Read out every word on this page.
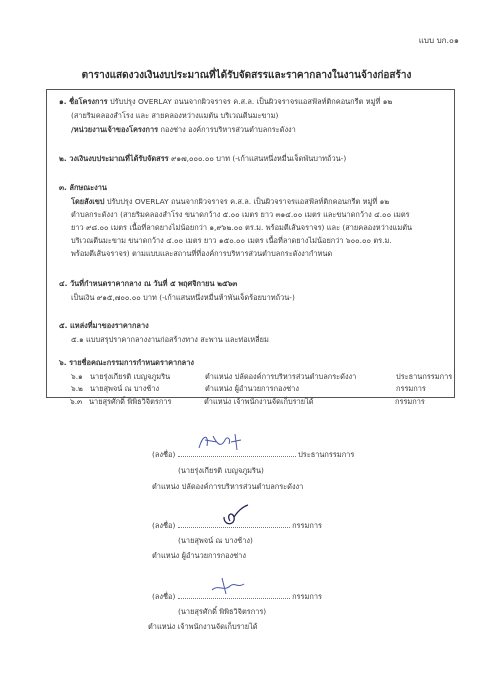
แบบ บก.๐๑
ตารางแสดงวงเงินงบประมาณที่ได้รับจัดสรรและราคากลางในงานจ้างก่อสร้าง
๑. ชื่อโครงการ ปรับปรุง OVERLAY ถนนจากผิวจราจร ค.ส.ล. เป็นผิวจราจรแอสฟัลท์ติกคอนกรีต หมู่ที่ ๑๒
(สายริมคลองสำโรง และ สายคลองหว่างแมตัน บริเวณตีนมะขาม)
/หน่วยงานเจ้าของโครงการ กองช่าง องค์การบริหารส่วนตำบลกระดังงา
๒. วงเงินงบประมาณที่ได้รับจัดสรร ๙๑๗,๐๐๐.๐๐ บาท (-เก้าแสนหนึ่งหมื่นเจ็ดพันบาทถ้วน-)
๓. ลักษณะงาน
โดยสังเขป ปรับปรุง OVERLAY ถนนจากผิวจราจร ค.ส.ล. เป็นผิวจราจรแอสฟัลท์ติกคอนกรีต หมู่ที่ ๑๒
ตำบลกระดังงา (สายริมคลองสำโรง ขนาดกว้าง ๕.๐๐ เมตร ยาว ๓๑๔.๐๐ เมตร และขนาดกว้าง ๔.๐๐ เมตร
ยาว ๙๘.๐๐ เมตร เนื้อที่ลาดยางไม่น้อยกว่า ๑,๙๖๒.๐๐ ตร.ม. พร้อมตีเส้นจราจร) และ (สายคลองหว่างแมตัน
บริเวณตีนมะขาม ขนาดกว้าง ๔.๐๐ เมตร ยาว ๑๕๐.๐๐ เมตร เนื้อที่ลาดยางไม่น้อยกว่า ๖๐๐.๐๐ ตร.ม.
พร้อมตีเส้นจราจร) ตามแบบและสถานที่ที่องค์การบริหารส่วนตำบลกระดังงากำหนด
๔. วันที่กำหนดราคากลาง ณ วันที่ ๕ พฤศจิกายน ๒๕๖๓
เป็นเงิน ๙๑๕,๗๐๐.๐๐ บาท (-เก้าแสนหนึ่งหมื่นห้าพันเจ็ดร้อยบาทถ้วน-)
๕. แหล่งที่มาของราคากลาง
๕.๑ แบบสรุปราคากลางงานก่อสร้างทาง สะพาน และท่อเหลี่ยม
๖. รายชื่อคณะกรรมการกำหนดราคากลาง
๖.๑ นายรุ่งเกียรติ เบญจภูมริน	ตำแหน่ง ปลัดองค์การบริหารส่วนตำบลกระดังงา	ประธานกรรมการ
๖.๒ นายสุพจน์ ณ บางช้าง	ตำแหน่ง ผู้อำนวยการกองช่าง	กรรมการ
๖.๓ นายสุรศักดิ์ พิพิธวิจิตรการ	ตำแหน่ง เจ้าพนักงานจัดเก็บรายได้	กรรมการ
(ลงชื่อ)	ประธานกรรมการ
(นายรุ่งเกียรติ เบญจภูมริน)
ตำแหน่ง ปลัดองค์การบริหารส่วนตำบลกระดังงา
(ลงชื่อ)	กรรมการ
(นายสุพจน์ ณ บางช้าง)
ตำแหน่ง ผู้อำนวยการกองช่าง
(ลงชื่อ)	กรรมการ
(นายสุรศักดิ์ พิพิธวิจิตรการ)
ตำแหน่ง เจ้าพนักงานจัดเก็บรายได้
